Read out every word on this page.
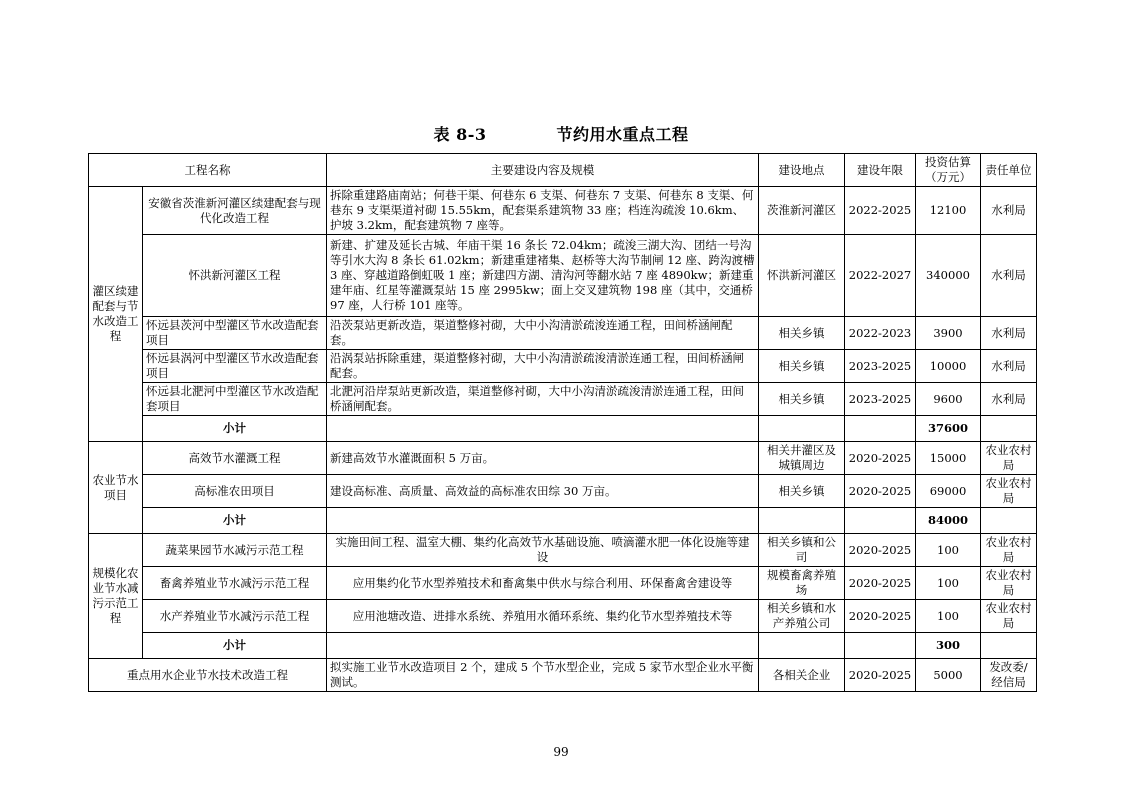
表 8-3	节约用水重点工程
工程名称		主要建设内容及规模	建设地点	建设年限	投资估算（万元）	责任单位
灌区续建配套与节水改造工程	安徽省茨淮新河灌区续建配套与现代化改造工程	拆除重建路庙南站；何巷干渠、何巷东 6 支渠、何巷东 7 支渠、何巷东 8 支渠、何巷东 9 支渠渠道衬砌 15.55km，配套渠系建筑物 33 座；档连沟疏浚 10.6km、护坡 3.2km，配套建筑物 7 座等。	茨淮新河灌区	2022-2025	12100	水利局
	怀洪新河灌区工程	新建、扩建及延长古城、年庙干渠 16 条长 72.04km；疏浚三湖大沟、团结一号沟等引水大沟 8 条长 61.02km；新建重建褚集、赵桥等大沟节制闸 12 座、跨沟渡槽 3 座、穿越道路倒虹吸 1 座；新建四方湖、清沟河等翻水站 7 座 4890kw；新建重建年庙、红星等灌溉泵站 15 座 2995kw；面上交叉建筑物 198 座（其中，交通桥 97 座，人行桥 101 座等。	怀洪新河灌区	2022-2027	340000	水利局
	怀远县茨河中型灌区节水改造配套项目	沿茨泵站更新改造，渠道整修衬砌，大中小沟清淤疏浚连通工程，田间桥涵闸配套。	相关乡镇	2022-2023	3900	水利局
	怀远县涡河中型灌区节水改造配套项目	沿涡泵站拆除重建，渠道整修衬砌，大中小沟清淤疏浚清淤连通工程，田间桥涵闸配套。	相关乡镇	2023-2025	10000	水利局
	怀远县北淝河中型灌区节水改造配套项目	北淝河沿岸泵站更新改造，渠道整修衬砌，大中小沟清淤疏浚清淤连通工程，田间桥涵闸配套。	相关乡镇	2023-2025	9600	水利局
	小计				37600	
农业节水项目	高效节水灌溉工程	新建高效节水灌溉面积 5 万亩。	相关井灌区及城镇周边	2020-2025	15000	农业农村局
	高标准农田项目	建设高标准、高质量、高效益的高标准农田综 30 万亩。	相关乡镇	2020-2025	69000	农业农村局
	小计				84000	
规模化农业节水减污示范工程	蔬菜果园节水减污示范工程	实施田间工程、温室大棚、集约化高效节水基础设施、喷滴灌水肥一体化设施等建设	相关乡镇和公司	2020-2025	100	农业农村局
	畜禽养殖业节水减污示范工程	应用集约化节水型养殖技术和畜禽集中供水与综合利用、环保畜禽舍建设等	规模畜禽养殖场	2020-2025	100	农业农村局
	水产养殖业节水减污示范工程	应用池塘改造、进排水系统、养殖用水循环系统、集约化节水型养殖技术等	相关乡镇和水产养殖公司	2020-2025	100	农业农村局
	小计				300	
重点用水企业节水技术改造工程		拟实施工业节水改造项目 2 个，建成 5 个节水型企业，完成 5 家节水型企业水平衡测试。	各相关企业	2020-2025	5000	发改委/经信局
99
